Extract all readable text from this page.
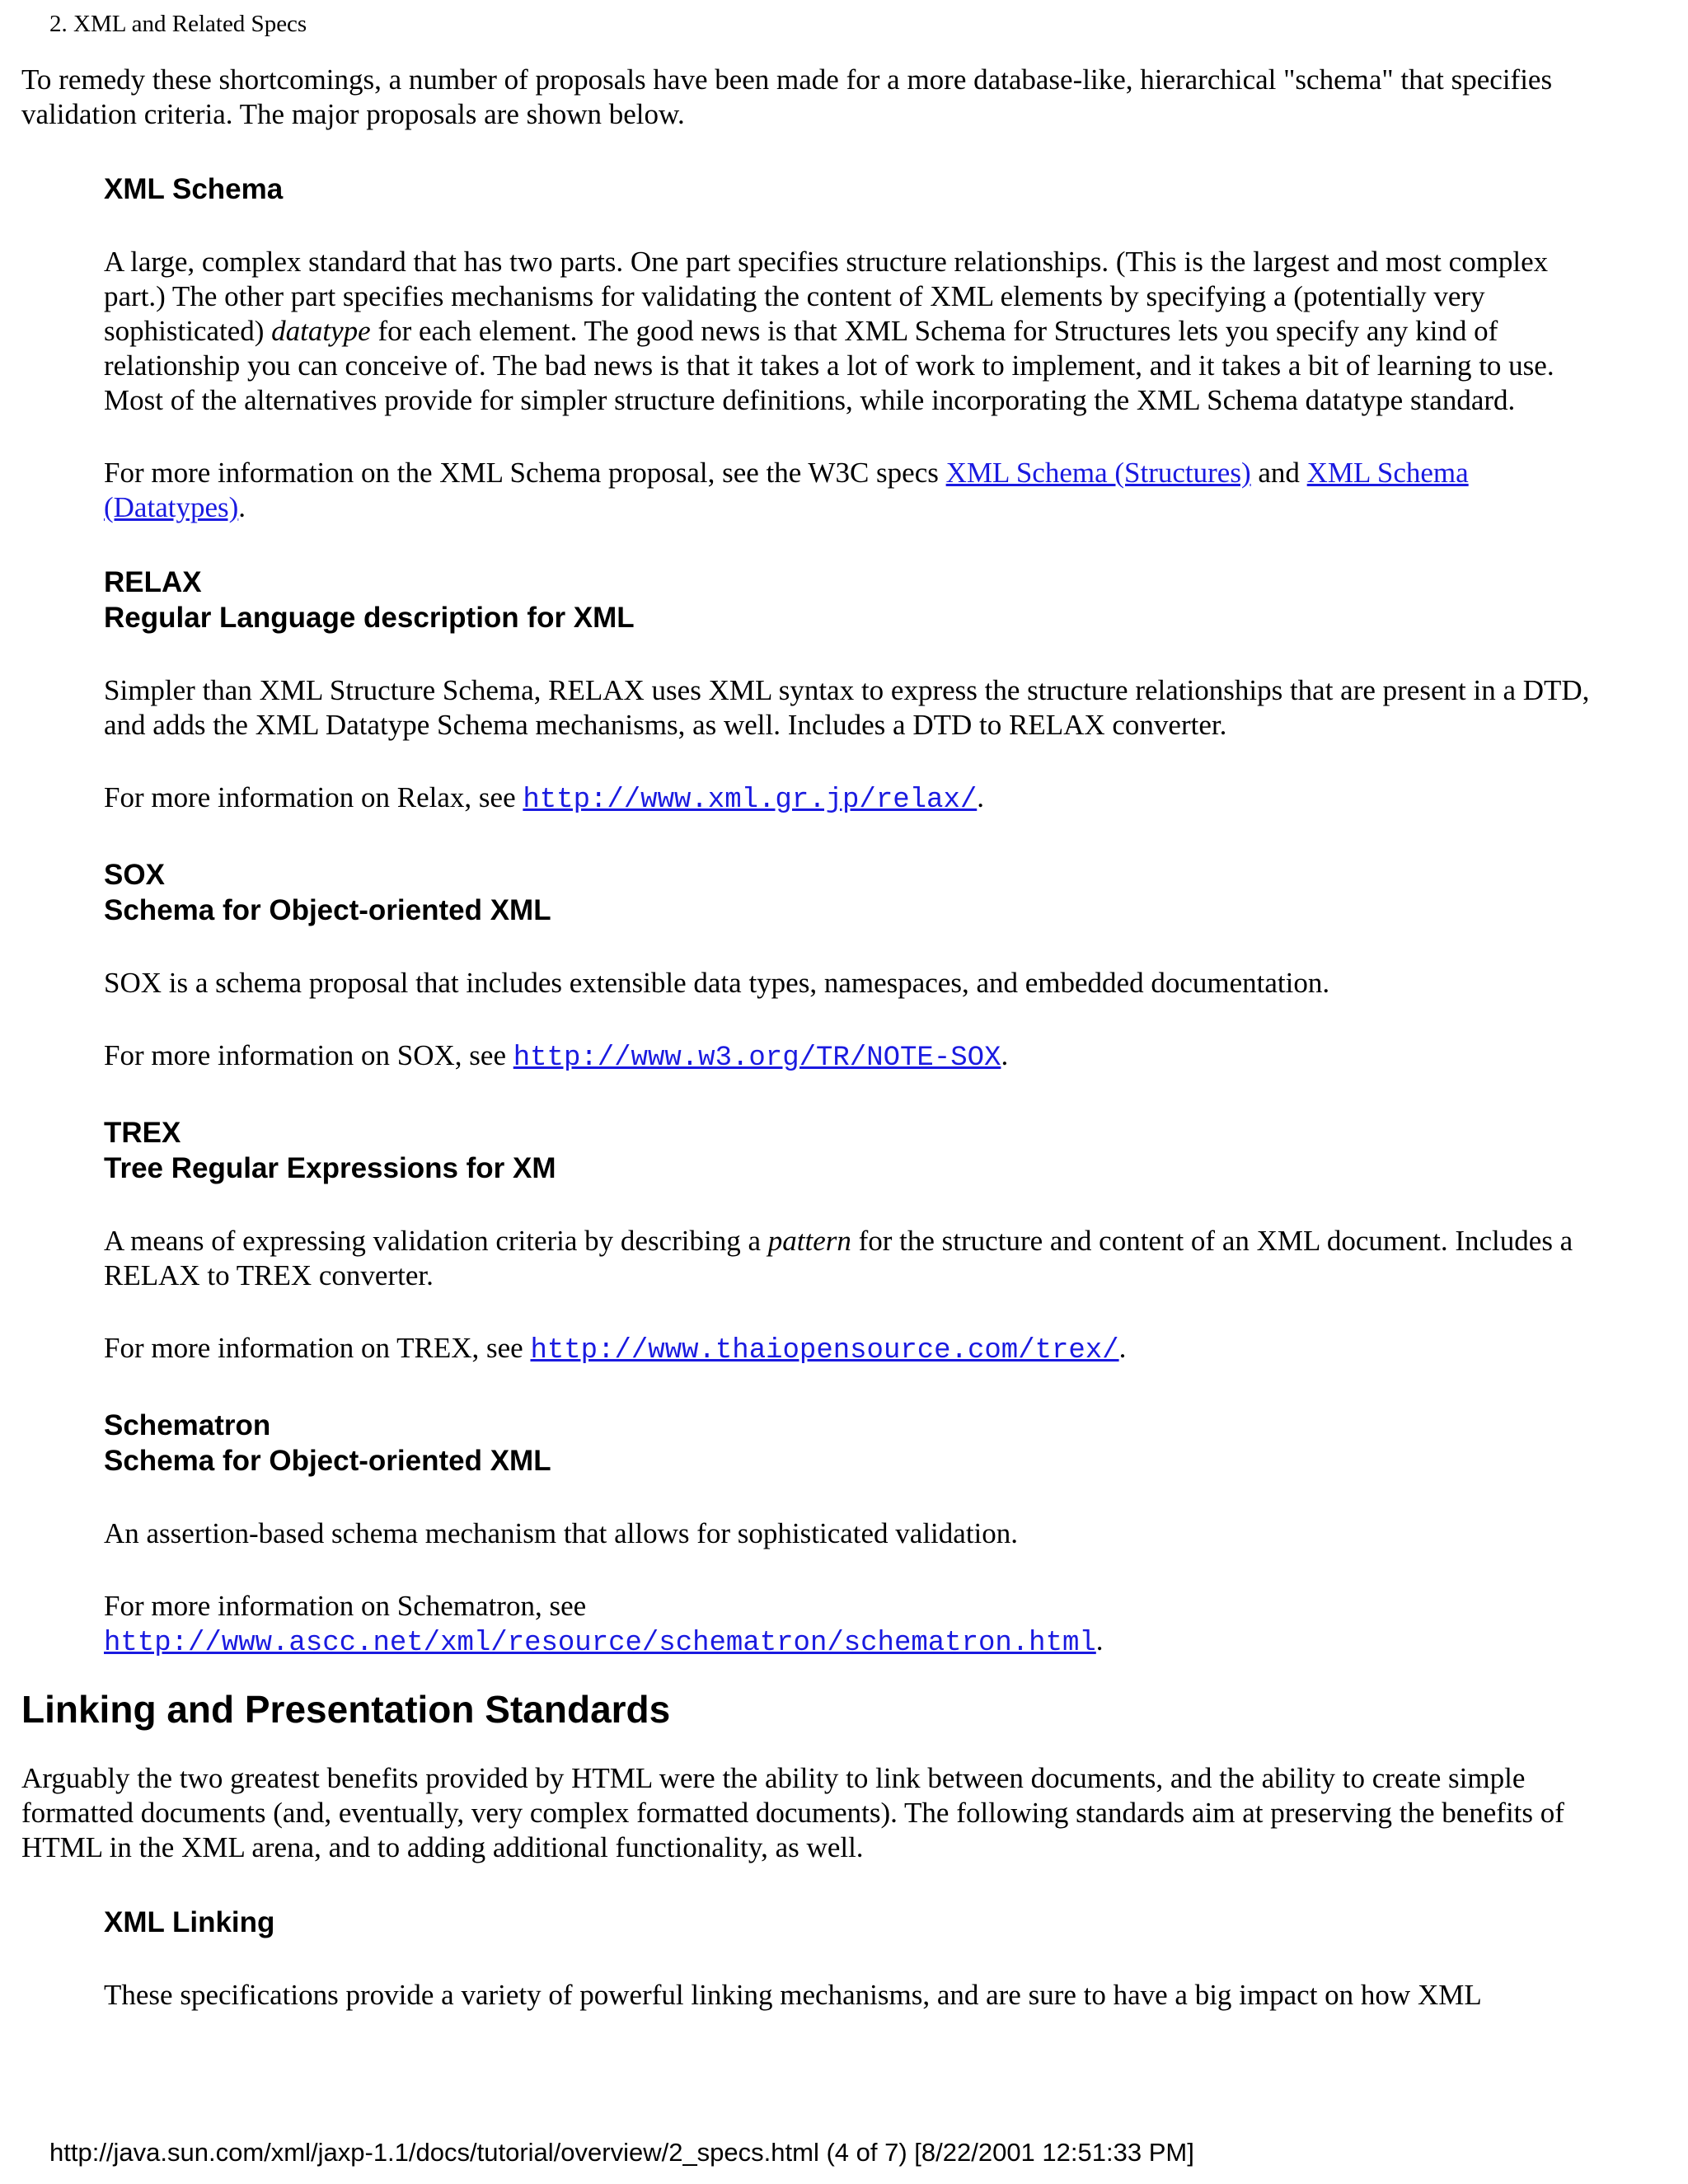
2. XML and Related Specs

To remedy these shortcomings, a number of proposals have been made for a more database-like, hierarchical "schema" that specifies validation criteria. The major proposals are shown below.

XML Schema

A large, complex standard that has two parts. One part specifies structure relationships. (This is the largest and most complex part.) The other part specifies mechanisms for validating the content of XML elements by specifying a (potentially very sophisticated) datatype for each element. The good news is that XML Schema for Structures lets you specify any kind of relationship you can conceive of. The bad news is that it takes a lot of work to implement, and it takes a bit of learning to use. Most of the alternatives provide for simpler structure definitions, while incorporating the XML Schema datatype standard.

For more information on the XML Schema proposal, see the W3C specs XML Schema (Structures) and XML Schema (Datatypes).

RELAX
Regular Language description for XML

Simpler than XML Structure Schema, RELAX uses XML syntax to express the structure relationships that are present in a DTD, and adds the XML Datatype Schema mechanisms, as well. Includes a DTD to RELAX converter.

For more information on Relax, see http://www.xml.gr.jp/relax/.

SOX
Schema for Object-oriented XML

SOX is a schema proposal that includes extensible data types, namespaces, and embedded documentation.

For more information on SOX, see http://www.w3.org/TR/NOTE-SOX.

TREX
Tree Regular Expressions for XM

A means of expressing validation criteria by describing a pattern for the structure and content of an XML document. Includes a RELAX to TREX converter.

For more information on TREX, see http://www.thaiopensource.com/trex/.

Schematron
Schema for Object-oriented XML

An assertion-based schema mechanism that allows for sophisticated validation.

For more information on Schematron, see
http://www.ascc.net/xml/resource/schematron/schematron.html.

Linking and Presentation Standards

Arguably the two greatest benefits provided by HTML were the ability to link between documents, and the ability to create simple formatted documents (and, eventually, very complex formatted documents). The following standards aim at preserving the benefits of HTML in the XML arena, and to adding additional functionality, as well.

XML Linking

These specifications provide a variety of powerful linking mechanisms, and are sure to have a big impact on how XML

http://java.sun.com/xml/jaxp-1.1/docs/tutorial/overview/2_specs.html (4 of 7) [8/22/2001 12:51:33 PM]
